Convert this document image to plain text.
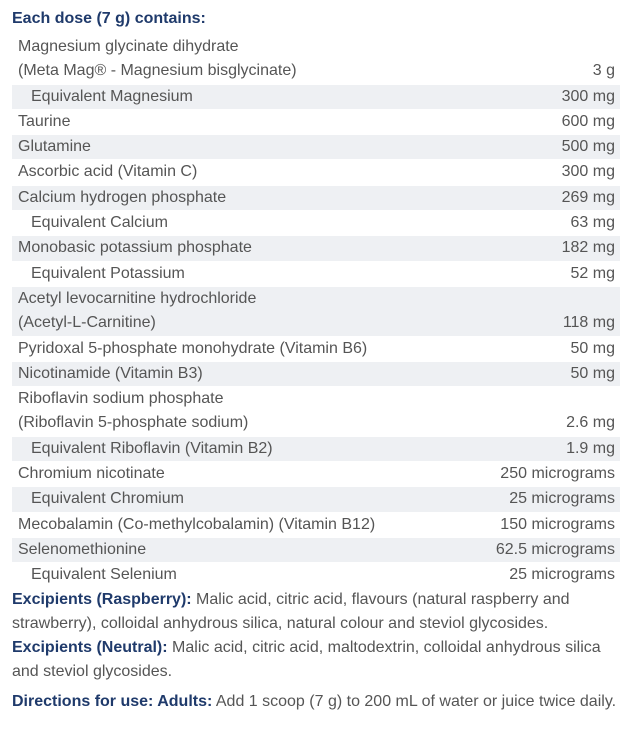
Each dose (7 g) contains:
Magnesium glycinate dihydrate
(Meta Mag® - Magnesium bisglycinate)	3 g
Equivalent Magnesium	300 mg
Taurine	600 mg
Glutamine	500 mg
Ascorbic acid (Vitamin C)	300 mg
Calcium hydrogen phosphate	269 mg
Equivalent Calcium	63 mg
Monobasic potassium phosphate	182 mg
Equivalent Potassium	52 mg

Acetyl levocarnitine hydrochloride
(Acetyl-L-Carnitine)	118 mg
Pyridoxal 5-phosphate monohydrate (Vitamin B6)	50 mg
Nicotinamide (Vitamin B3)	50 mg

Riboflavin sodium phosphate
(Riboflavin 5-phosphate sodium)	2.6 mg
Equivalent Riboflavin (Vitamin B2)	1.9 mg
Chromium nicotinate	250 micrograms
Equivalent Chromium	25 micrograms
Mecobalamin (Co-methylcobalamin) (Vitamin B12)	150 micrograms
Selenomethionine	62.5 micrograms
Equivalent Selenium	25 micrograms
Excipients (Raspberry): Malic acid, citric acid, flavours (natural raspberry and strawberry), colloidal anhydrous silica, natural colour and steviol glycosides.
Excipients (Neutral): Malic acid, citric acid, maltodextrin, colloidal anhydrous silica and steviol glycosides.
Directions for use: Adults: Add 1 scoop (7 g) to 200 mL of water or juice twice daily.
